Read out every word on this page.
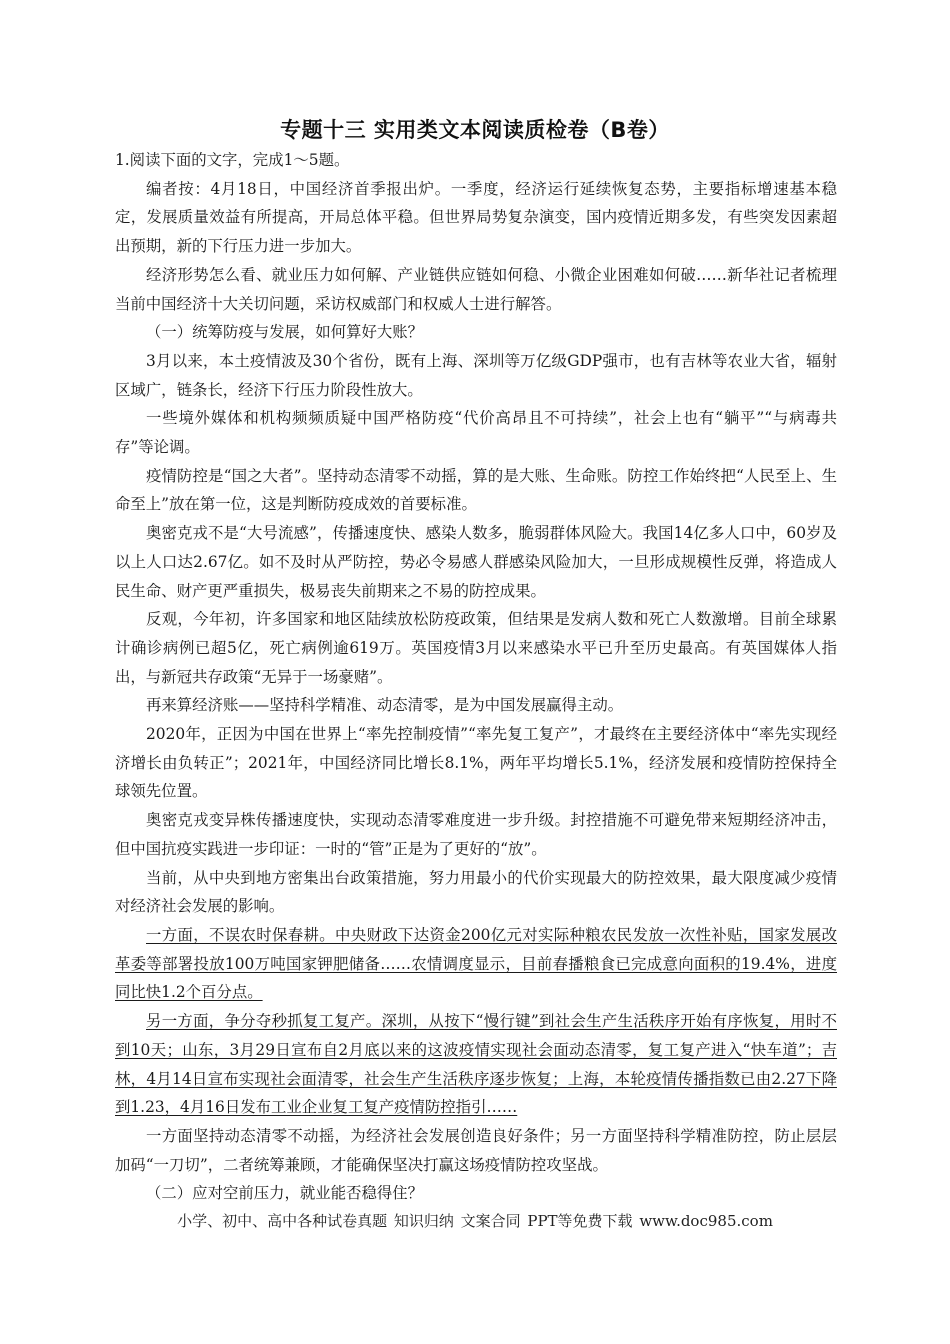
专题十三 实用类文本阅读质检卷（B卷）

1.阅读下面的文字，完成1～5题。

编者按：4月18日，中国经济首季报出炉。一季度，经济运行延续恢复态势，主要指标增速基本稳定，发展质量效益有所提高，开局总体平稳。但世界局势复杂演变，国内疫情近期多发，有些突发因素超出预期，新的下行压力进一步加大。

经济形势怎么看、就业压力如何解、产业链供应链如何稳、小微企业困难如何破……新华社记者梳理当前中国经济十大关切问题，采访权威部门和权威人士进行解答。

（一）统筹防疫与发展，如何算好大账？

3月以来，本土疫情波及30个省份，既有上海、深圳等万亿级GDP强市，也有吉林等农业大省，辐射区域广，链条长，经济下行压力阶段性放大。

一些境外媒体和机构频频质疑中国严格防疫“代价高昂且不可持续”，社会上也有“躺平”“与病毒共存”等论调。

疫情防控是“国之大者”。坚持动态清零不动摇，算的是大账、生命账。防控工作始终把“人民至上、生命至上”放在第一位，这是判断防疫成效的首要标准。

奥密克戎不是“大号流感”，传播速度快、感染人数多，脆弱群体风险大。我国14亿多人口中，60岁及以上人口达2.67亿。如不及时从严防控，势必令易感人群感染风险加大，一旦形成规模性反弹，将造成人民生命、财产更严重损失，极易丧失前期来之不易的防控成果。

反观，今年初，许多国家和地区陆续放松防疫政策，但结果是发病人数和死亡人数激增。目前全球累计确诊病例已超5亿，死亡病例逾619万。英国疫情3月以来感染水平已升至历史最高。有英国媒体人指出，与新冠共存政策“无异于一场豪赌”。

再来算经济账——坚持科学精准、动态清零，是为中国发展赢得主动。

2020年，正因为中国在世界上“率先控制疫情”“率先复工复产”，才最终在主要经济体中“率先实现经济增长由负转正”；2021年，中国经济同比增长8.1%，两年平均增长5.1%，经济发展和疫情防控保持全球领先位置。

奥密克戎变异株传播速度快，实现动态清零难度进一步升级。封控措施不可避免带来短期经济冲击，但中国抗疫实践进一步印证：一时的“管”正是为了更好的“放”。

当前，从中央到地方密集出台政策措施，努力用最小的代价实现最大的防控效果，最大限度减少疫情对经济社会发展的影响。

一方面，不误农时保春耕。中央财政下达资金200亿元对实际种粮农民发放一次性补贴，国家发展改革委等部署投放100万吨国家钾肥储备……农情调度显示，目前春播粮食已完成意向面积的19.4%，进度同比快1.2个百分点。

另一方面，争分夺秒抓复工复产。深圳，从按下“慢行键”到社会生产生活秩序开始有序恢复，用时不到10天；山东，3月29日宣布自2月底以来的这波疫情实现社会面动态清零，复工复产进入“快车道”；吉林，4月14日宣布实现社会面清零，社会生产生活秩序逐步恢复；上海，本轮疫情传播指数已由2.27下降到1.23，4月16日发布工业企业复工复产疫情防控指引……

一方面坚持动态清零不动摇，为经济社会发展创造良好条件；另一方面坚持科学精准防控，防止层层加码“一刀切”，二者统筹兼顾，才能确保坚决打赢这场疫情防控攻坚战。

（二）应对空前压力，就业能否稳得住？

小学、初中、高中各种试卷真题 知识归纳 文案合同 PPT等免费下载 www.doc985.com
